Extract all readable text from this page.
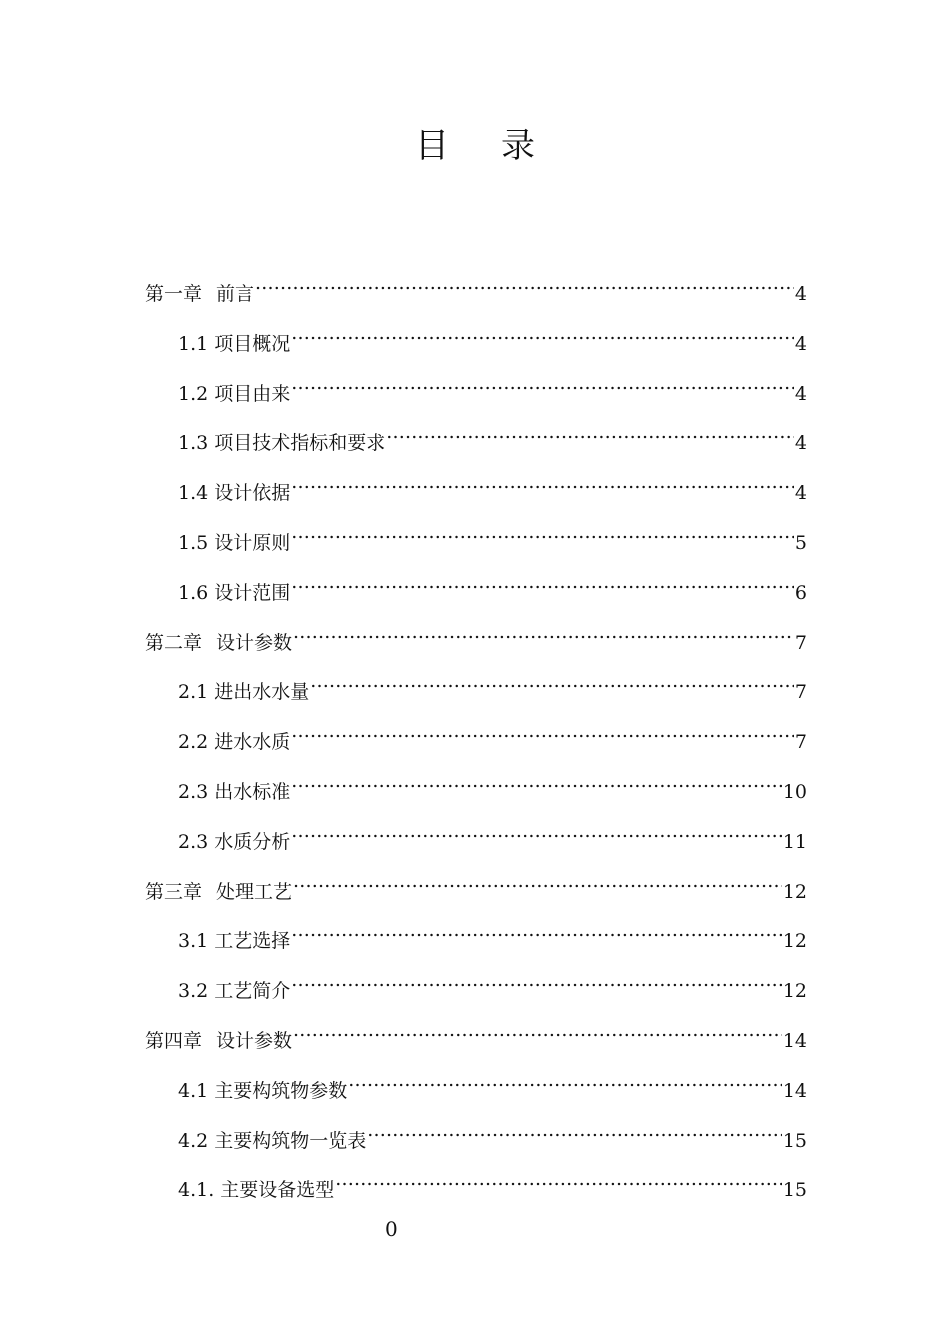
目 录
第一章 前言 .....	4
1.1 项目概况 .....	4
1.2 项目由来 .....	4
1.3 项目技术指标和要求 .....	4
1.4 设计依据 .....	4
1.5 设计原则 .....	5
1.6 设计范围 .....	6
第二章 设计参数 .....	7
2.1 进出水水量 .....	7
2.2 进水水质 .....	7
2.3 出水标准 .....	10
2.3 水质分析 .....	11
第三章 处理工艺 .....	12
3.1 工艺选择 .....	12
3.2 工艺简介 .....	12
第四章 设计参数 .....	14
4.1 主要构筑物参数 .....	14
4.2 主要构筑物一览表 .....	15
4.1. 主要设备选型 .....	15
0
